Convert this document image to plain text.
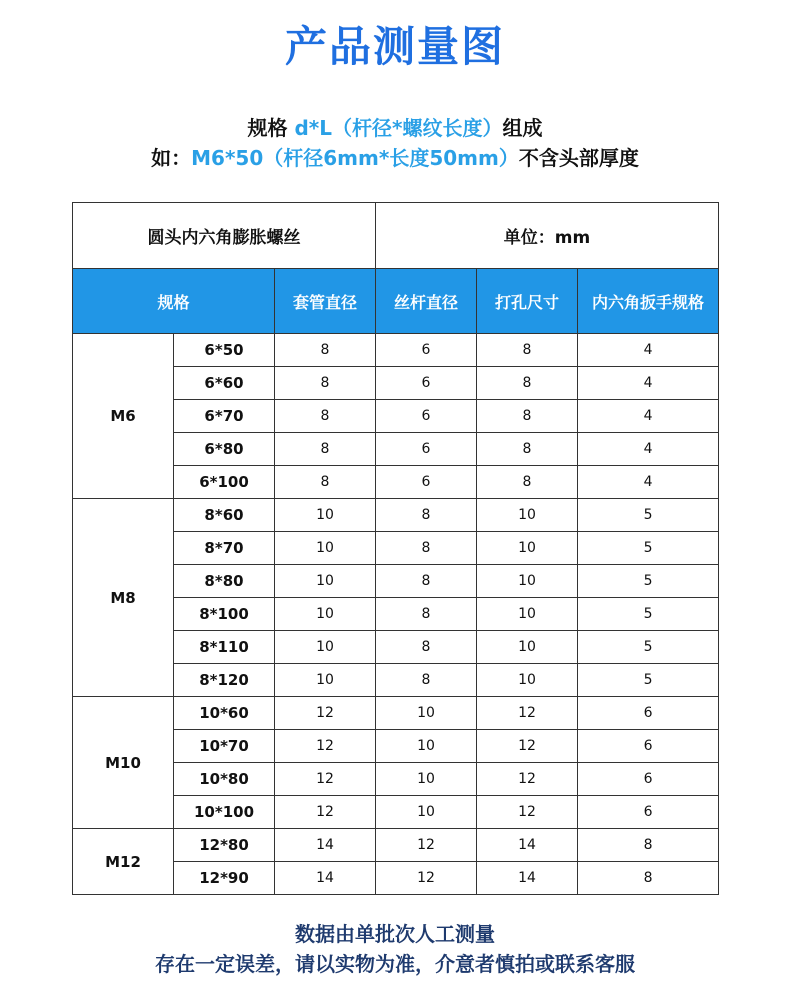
产品测量图
规格 d*L（杆径*螺纹长度）组成
如：M6*50（杆径6mm*长度50mm）不含头部厚度
圆头内六角膨胀螺丝			单位：mm		
规格		套管直径	丝杆直径	打孔尺寸	内六角扳手规格
M6	6*50	8	6	8	4
	6*60	8	6	8	4
	6*70	8	6	8	4
	6*80	8	6	8	4
	6*100	8	6	8	4
M8	8*60	10	8	10	5
	8*70	10	8	10	5
	8*80	10	8	10	5
	8*100	10	8	10	5
	8*110	10	8	10	5
	8*120	10	8	10	5
M10	10*60	12	10	12	6
	10*70	12	10	12	6
	10*80	12	10	12	6
	10*100	12	10	12	6
M12	12*80	14	12	14	8
	12*90	14	12	14	8
数据由单批次人工测量
存在一定误差，请以实物为准，介意者慎拍或联系客服
